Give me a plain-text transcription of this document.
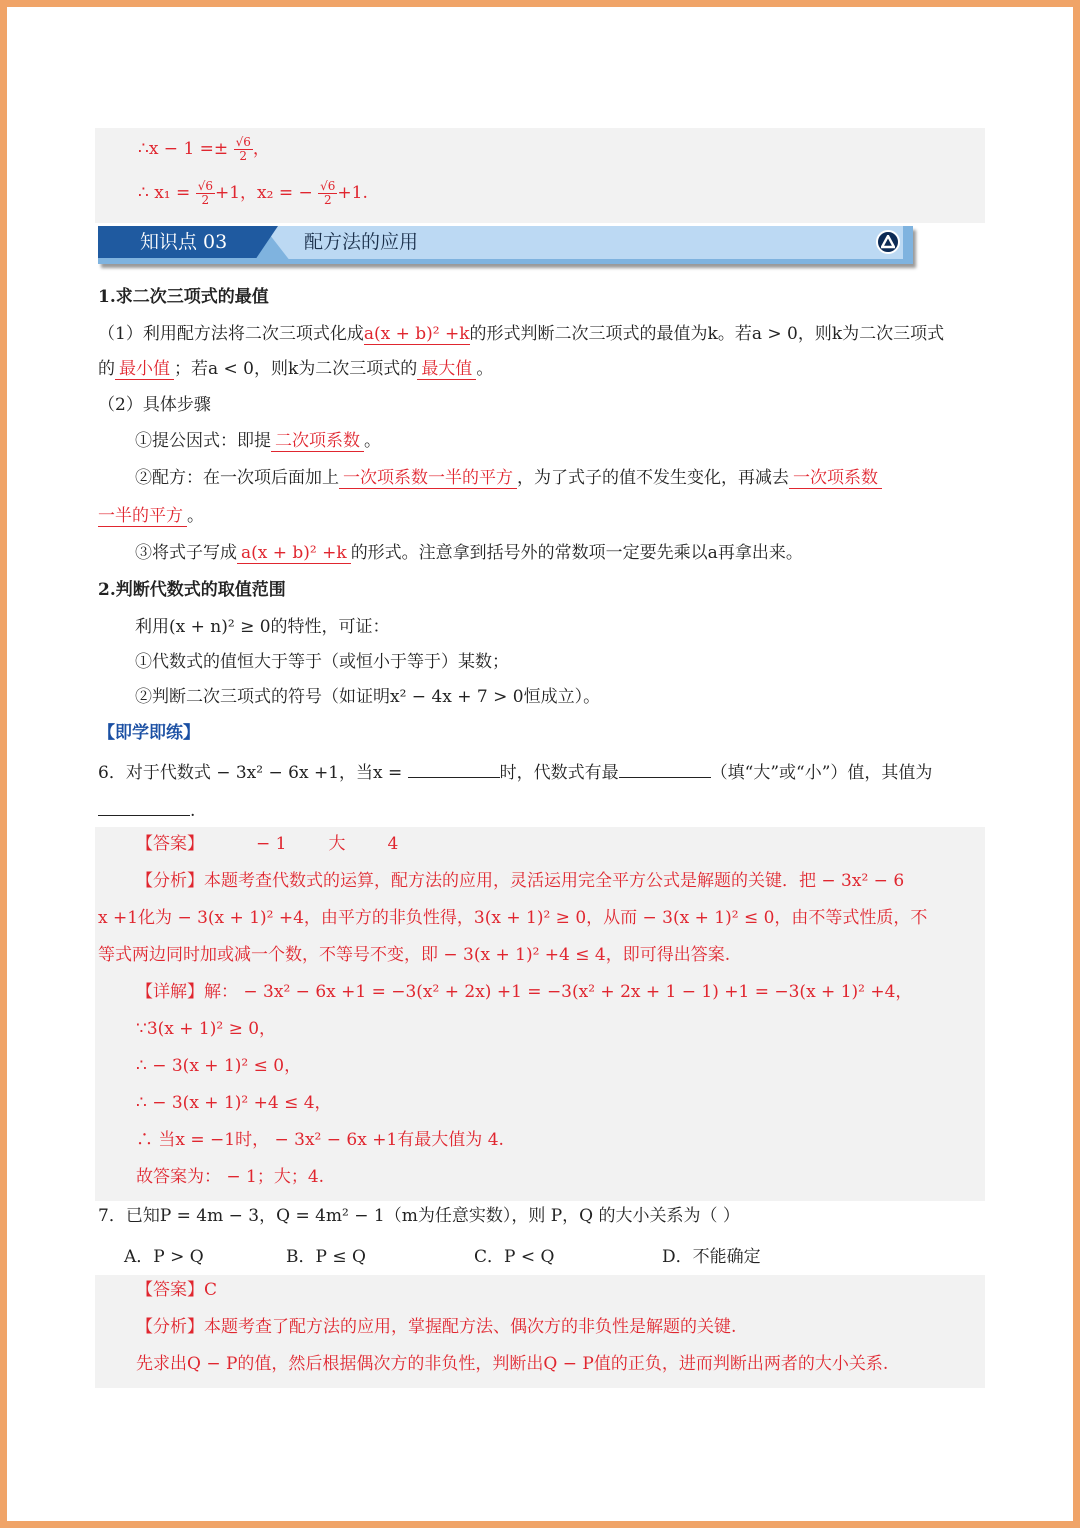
∴x − $1 =\pm \frac{√6}{2}$ ，
∴ $x_1 = \frac{√6}{2} +1$，x₂ = − $\frac{√6}{2} +1$.
知识点 03	配方法的应用
1.求二次三项式的最值
（1）利用配方法将二次三项式化成a(x + b)² +k的形式判断二次三项式的最值为k。若a > 0，则k为二次三项式
的 最小值 ；若a < 0，则k为二次三项式的 最大值 。
（2）具体步骤
①提公因式：即提 二次项系数 。
②配方：在一次项后面加上 一次项系数一半的平方 ，为了式子的值不发生变化，再减去 一次项系数
一半的平方 。
③将式子写成 a(x + b)² +k 的形式。注意拿到括号外的常数项一定要先乘以a再拿出来。
2.判断代数式的取值范围
利用(x + n)² ≥ 0的特性，可证：
①代数式的值恒大于等于（或恒小于等于）某数；
②判断二次三项式的符号（如证明x² − 4x + 7 > 0恒成立）。
【即学即练】
6．对于代数式 − 3x² − 6x +1，当x =	时，代数式有最	（填“大”或“小”）值，其值为
.
【答案】	− 1 大 4
【分析】本题考查代数式的运算，配方法的应用，灵活运用完全平方公式是解题的关键．把 − 3x² − 6
x +1化为 − 3(x + 1)² +4，由平方的非负性得，3(x + 1)² ≥ 0，从而 − 3(x + 1)² ≤ 0，由不等式性质，不
等式两边同时加或减一个数，不等号不变，即 − 3(x + 1)² +4 ≤ 4，即可得出答案.
【详解】解： − 3x² − 6x +1 = −3(x² + 2x) +1 = −3(x² + 2x + 1 − 1) +1 = −3(x + 1)² +4，
∵3(x + 1)² ≥ 0，
∴ − 3(x + 1)² ≤ 0，
∴ − 3(x + 1)² +4 ≤ 4，
∴ 当x = −1时， − 3x² − 6x +1有最大值为 4.
故答案为： − 1；大；4.
7．已知P = 4m − 3，Q = 4m² − 1（m为任意实数），则 P，Q 的大小关系为（ ）
A．P > Q	B．P ≤ Q	C．P < Q	D．不能确定
【答案】C
【分析】本题考查了配方法的应用，掌握配方法、偶次方的非负性是解题的关键.
先求出Q − P的值，然后根据偶次方的非负性，判断出Q − P值的正负，进而判断出两者的大小关系.
